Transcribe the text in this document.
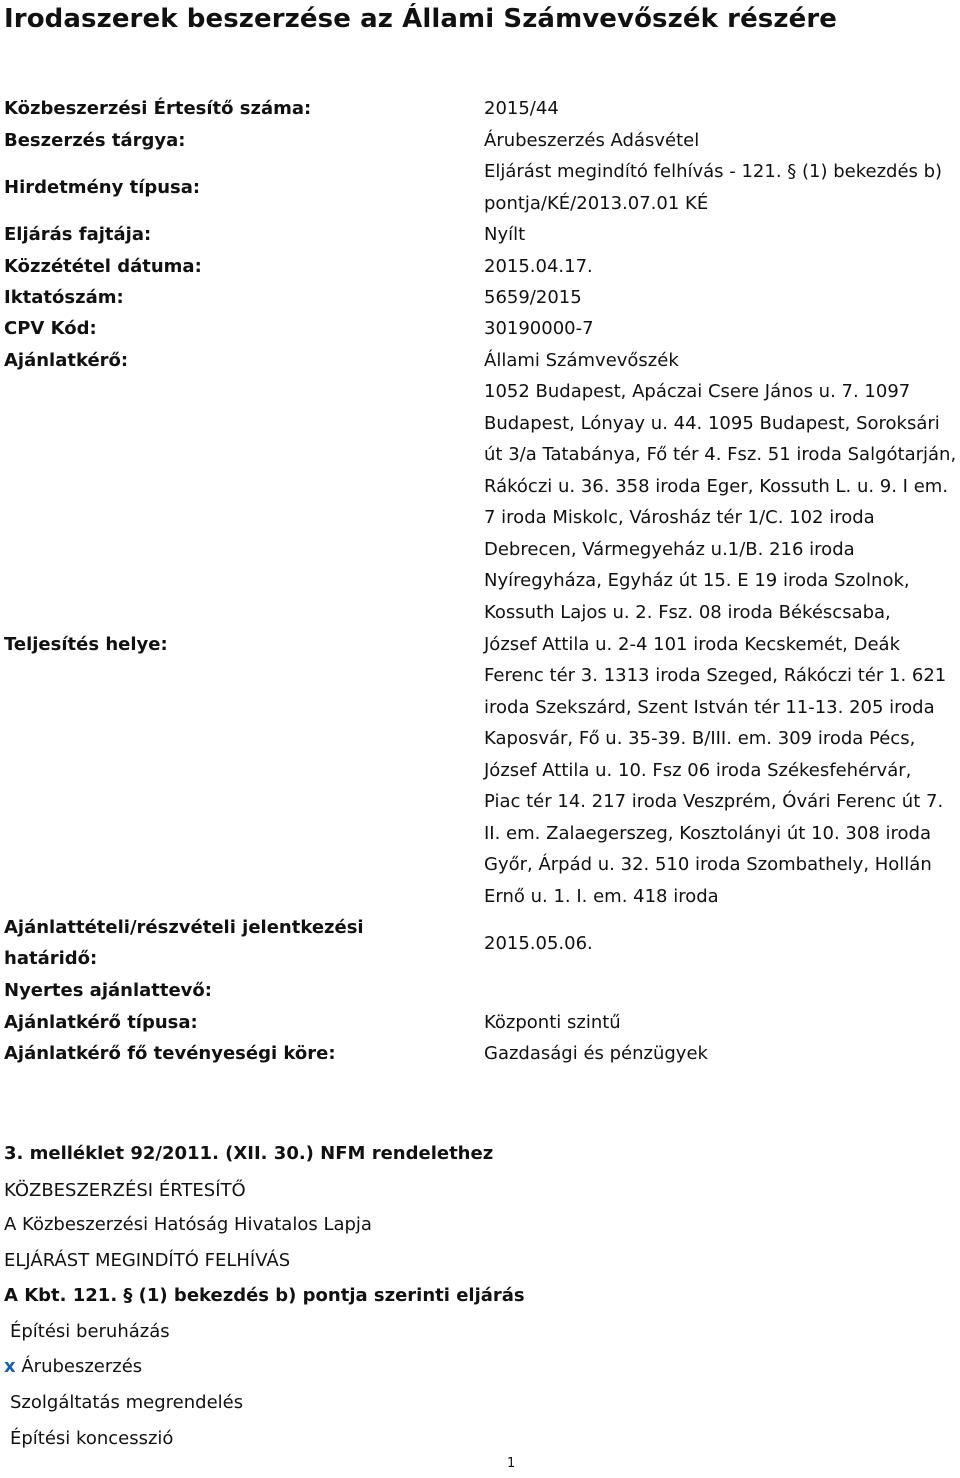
Irodaszerek beszerzése az Állami Számvevőszék részére
Közbeszerzési Értesítő száma:	2015/44
Beszerzés tárgya:	Árubeszerzés Adásvétel
Hirdetmény típusa:
Eljárást megindító felhívás - 121. § (1) bekezdés b)
pontja/KÉ/2013.07.01 KÉ
Eljárás fajtája:	Nyílt
Közzététel dátuma:	2015.04.17.
Iktatószám:	5659/2015
CPV Kód:	30190000-7
Ajánlatkérő:	Állami Számvevőszék
Teljesítés helye:
1052 Budapest, Apáczai Csere János u. 7. 1097
Budapest, Lónyay u. 44. 1095 Budapest, Soroksári
út 3/a Tatabánya, Fő tér 4. Fsz. 51 iroda Salgótarján,
Rákóczi u. 36. 358 iroda Eger, Kossuth L. u. 9. I em.
7 iroda Miskolc, Városház tér 1/C. 102 iroda
Debrecen, Vármegyeház u.1/B. 216 iroda
Nyíregyháza, Egyház út 15. E 19 iroda Szolnok,
Kossuth Lajos u. 2. Fsz. 08 iroda Békéscsaba,
József Attila u. 2-4 101 iroda Kecskemét, Deák
Ferenc tér 3. 1313 iroda Szeged, Rákóczi tér 1. 621
iroda Szekszárd, Szent István tér 11-13. 205 iroda
Kaposvár, Fő u. 35-39. B/III. em. 309 iroda Pécs,
József Attila u. 10. Fsz 06 iroda Székesfehérvár,
Piac tér 14. 217 iroda Veszprém, Óvári Ferenc út 7.
II. em. Zalaegerszeg, Kosztolányi út 10. 308 iroda
Győr, Árpád u. 32. 510 iroda Szombathely, Hollán
Ernő u. 1. I. em. 418 iroda
Ajánlattételi/részvételi jelentkezési
határidő:
2015.05.06.
Nyertes ajánlattevő:
Ajánlatkérő típusa:	Központi szintű
Ajánlatkérő fő tevényeségi köre:	Gazdasági és pénzügyek
3. melléklet 92/2011. (XII. 30.) NFM rendelethez
KÖZBESZERZÉSI ÉRTESÍTŐ
A Közbeszerzési Hatóság Hivatalos Lapja
ELJÁRÁST MEGINDÍTÓ FELHÍVÁS
A Kbt. 121. § (1) bekezdés b) pontja szerinti eljárás
Építési beruházás
x Árubeszerzés
Szolgáltatás megrendelés
Építési koncesszió
1
